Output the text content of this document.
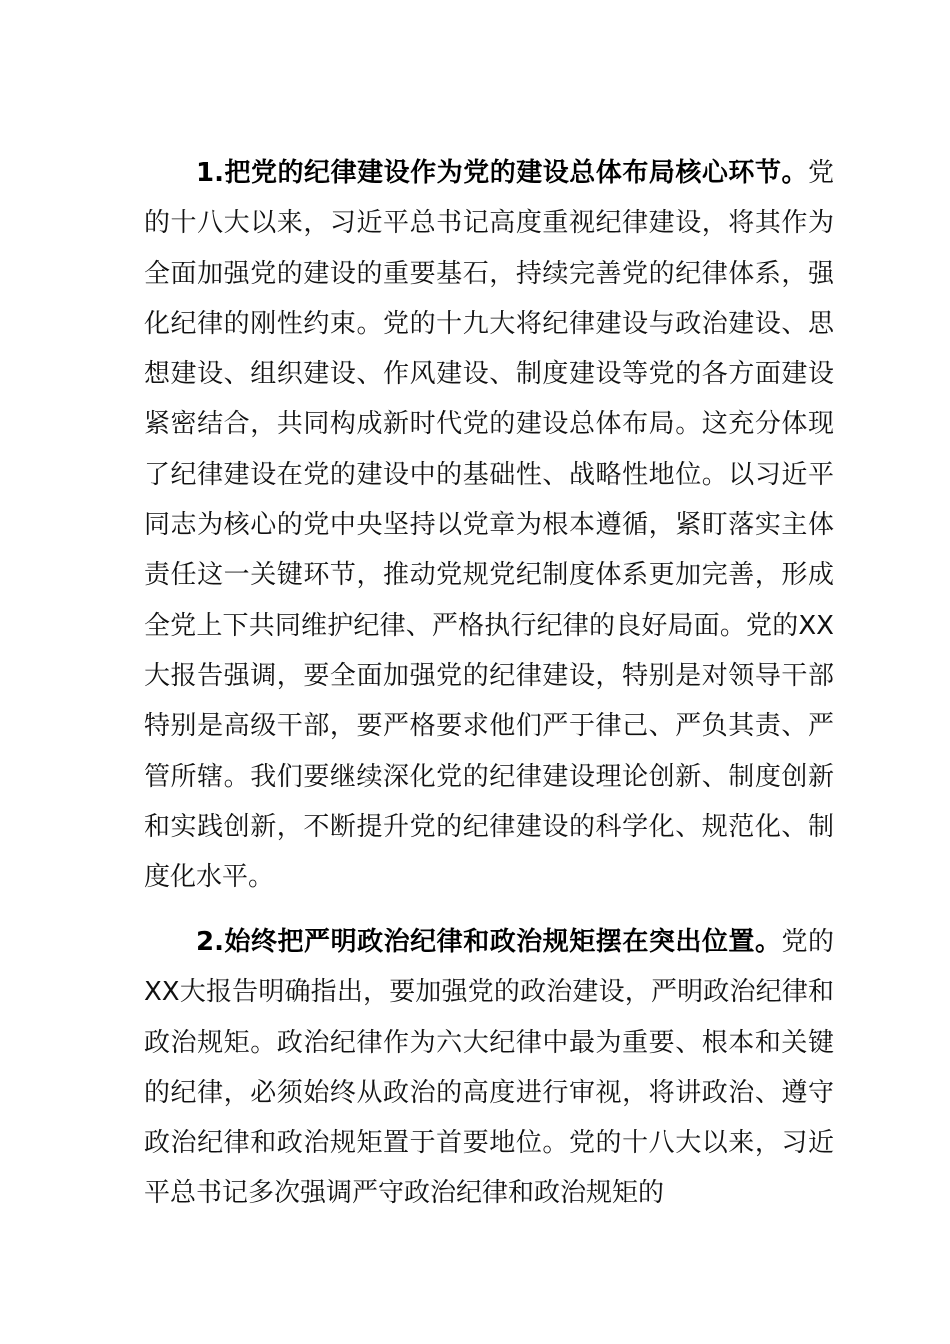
1.把党的纪律建设作为党的建设总体布局核心环节。党的十八大以来，习近平总书记高度重视纪律建设，将其作为全面加强党的建设的重要基石，持续完善党的纪律体系，强化纪律的刚性约束。党的十九大将纪律建设与政治建设、思想建设、组织建设、作风建设、制度建设等党的各方面建设紧密结合，共同构成新时代党的建设总体布局。这充分体现了纪律建设在党的建设中的基础性、战略性地位。以习近平同志为核心的党中央坚持以党章为根本遵循，紧盯落实主体责任这一关键环节，推动党规党纪制度体系更加完善，形成全党上下共同维护纪律、严格执行纪律的良好局面。党的XX大报告强调，要全面加强党的纪律建设，特别是对领导干部特别是高级干部，要严格要求他们严于律己、严负其责、严管所辖。我们要继续深化党的纪律建设理论创新、制度创新和实践创新，不断提升党的纪律建设的科学化、规范化、制度化水平。

2.始终把严明政治纪律和政治规矩摆在突出位置。党的XX大报告明确指出，要加强党的政治建设，严明政治纪律和政治规矩。政治纪律作为六大纪律中最为重要、根本和关键的纪律，必须始终从政治的高度进行审视，将讲政治、遵守政治纪律和政治规矩置于首要地位。党的十八大以来，习近平总书记多次强调严守政治纪律和政治规矩的
